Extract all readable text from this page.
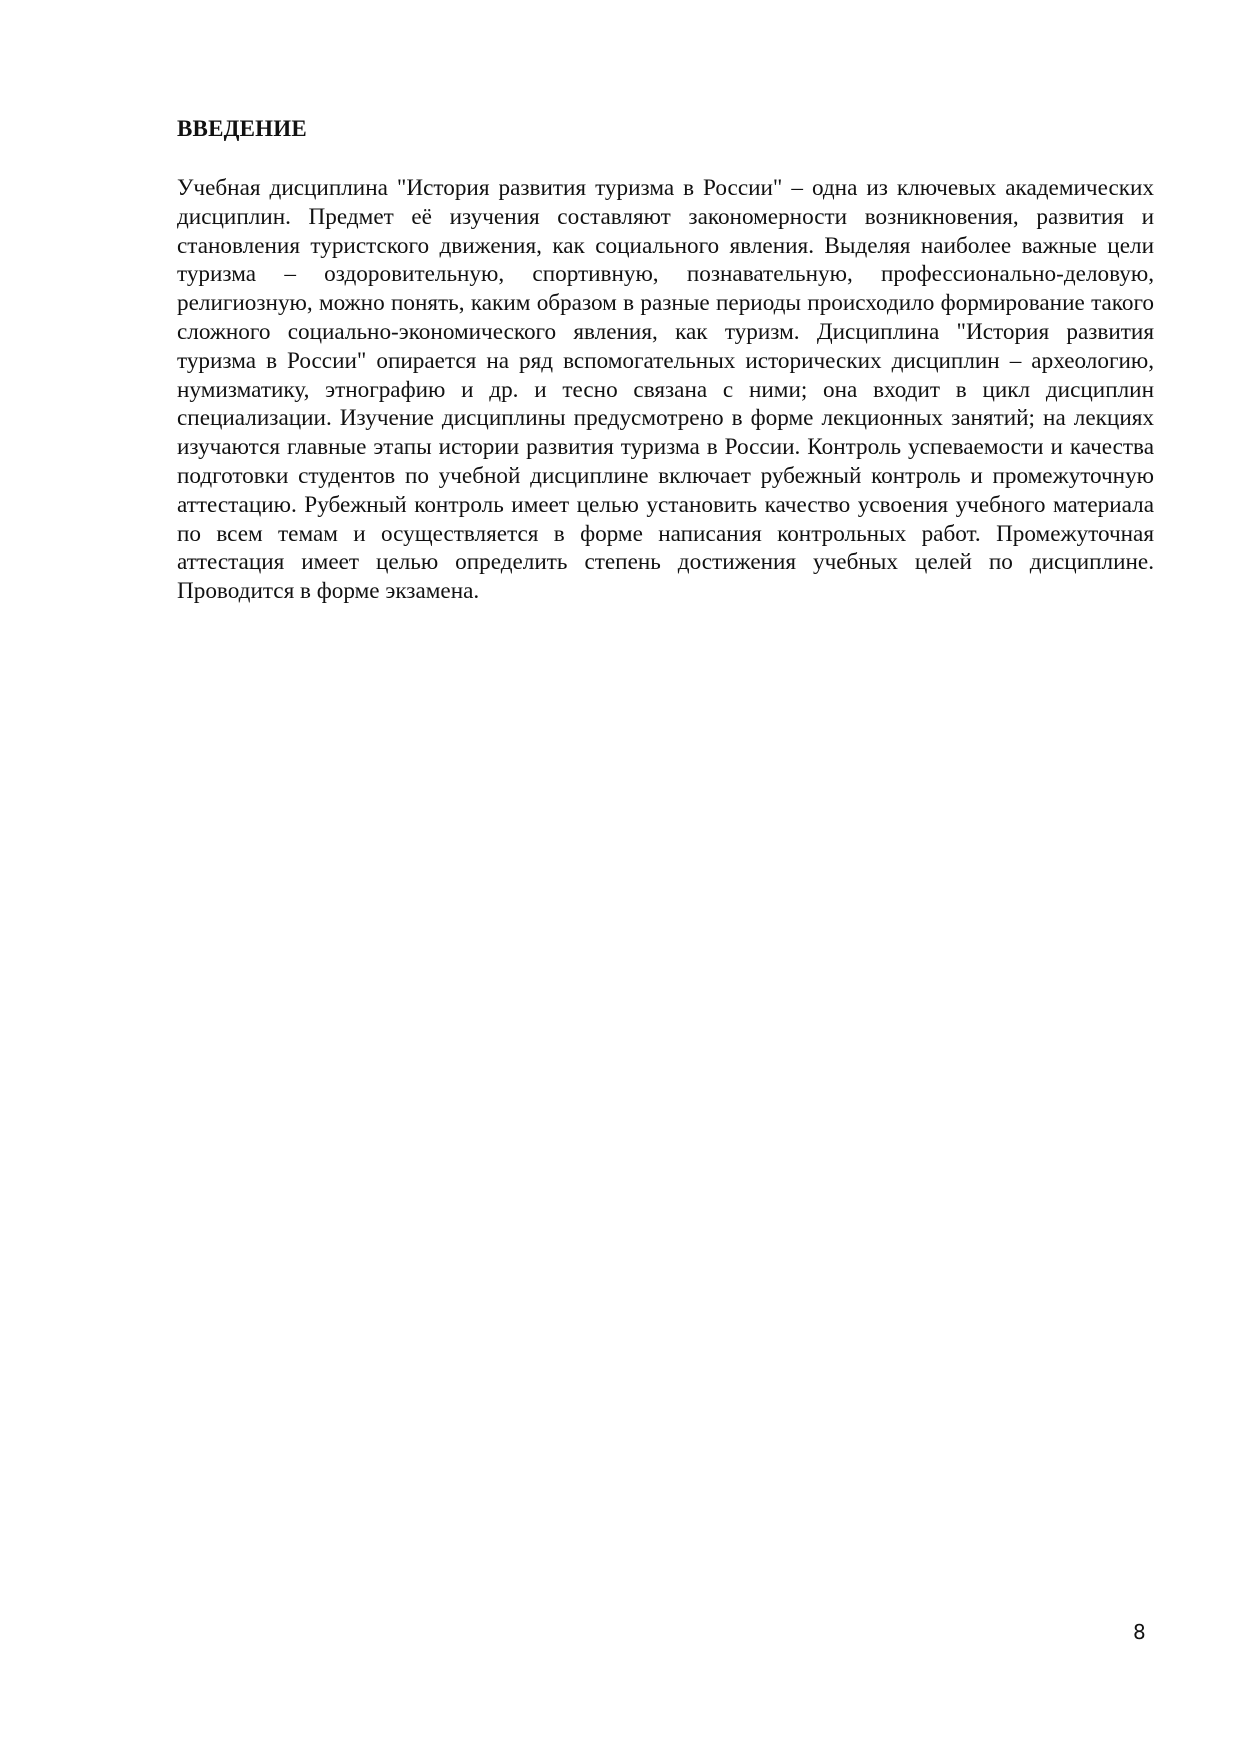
ВВЕДЕНИЕ

Учебная дисциплина "История развития туризма в России" – одна из ключевых академических дисциплин. Предмет её изучения составляют закономерности возникновения, развития и становления туристского движения, как социального явления. Выделяя наиболее важные цели туризма – оздоровительную, спортивную, познавательную, профессионально-деловую, религиозную, можно понять, каким образом в разные периоды происходило формирование такого сложного социально-экономического явления, как туризм. Дисциплина "История развития туризма в России" опирается на ряд вспомогательных исторических дисциплин – археологию, нумизматику, этнографию и др. и тесно связана с ними; она входит в цикл дисциплин специализации. Изучение дисциплины предусмотрено в форме лекционных занятий; на лекциях изучаются главные этапы истории развития туризма в России. Контроль успеваемости и качества подготовки студентов по учебной дисциплине включает рубежный контроль и промежуточную аттестацию. Рубежный контроль имеет целью установить качество усвоения учебного материала по всем темам и осуществляется в форме написания контрольных работ. Промежуточная аттестация имеет целью определить степень достижения учебных целей по дисциплине. Проводится в форме экзамена.

8
